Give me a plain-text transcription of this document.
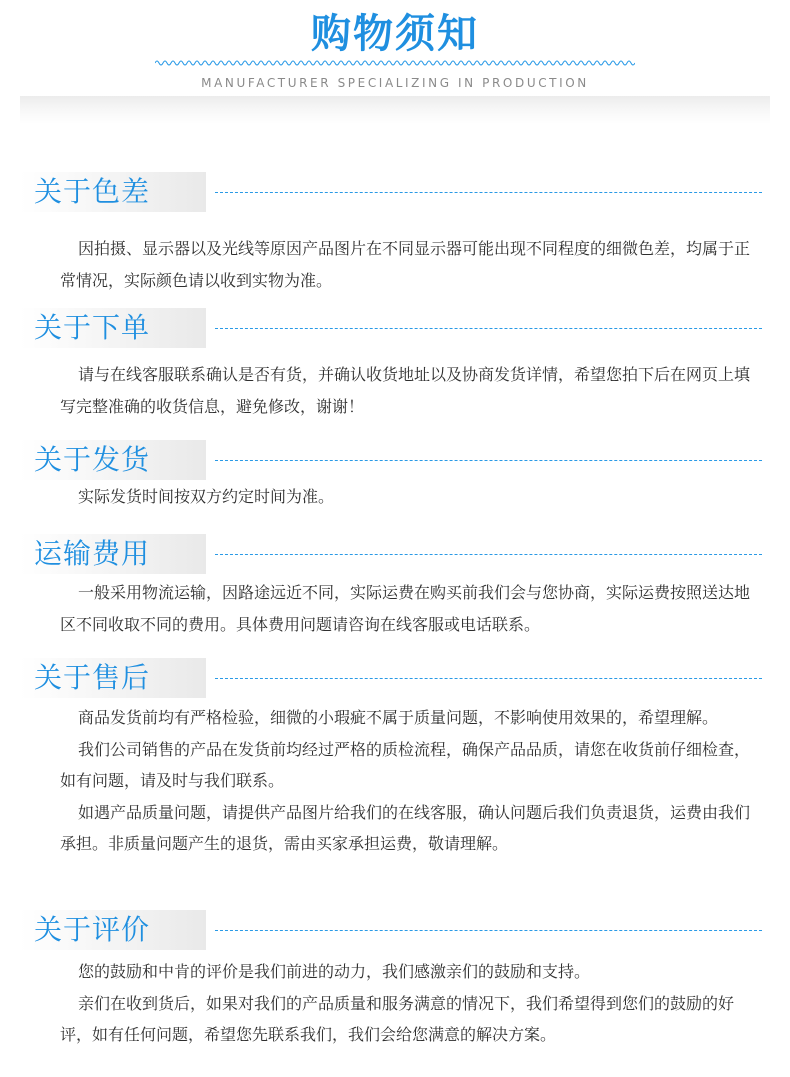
购物须知
MANUFACTURER SPECIALIZING IN PRODUCTION
关于色差

因拍摄、显示器以及光线等原因产品图片在不同显示器可能出现不同程度的细微色差，均属于正常情况，实际颜色请以收到实物为准。

关于下单

请与在线客服联系确认是否有货，并确认收货地址以及协商发货详情，希望您拍下后在网页上填写完整准确的收货信息，避免修改，谢谢！

关于发货

实际发货时间按双方约定时间为准。

运输费用

一般采用物流运输，因路途远近不同，实际运费在购买前我们会与您协商，实际运费按照送达地区不同收取不同的费用。具体费用问题请咨询在线客服或电话联系。

关于售后

商品发货前均有严格检验，细微的小瑕疵不属于质量问题，不影响使用效果的，希望理解。

我们公司销售的产品在发货前均经过严格的质检流程，确保产品品质，请您在收货前仔细检查，如有问题，请及时与我们联系。

如遇产品质量问题，请提供产品图片给我们的在线客服，确认问题后我们负责退货，运费由我们承担。非质量问题产生的退货，需由买家承担运费，敬请理解。

关于评价

您的鼓励和中肯的评价是我们前进的动力，我们感激亲们的鼓励和支持。

亲们在收到货后，如果对我们的产品质量和服务满意的情况下，我们希望得到您们的鼓励的好评，如有任何问题，希望您先联系我们，我们会给您满意的解决方案。
